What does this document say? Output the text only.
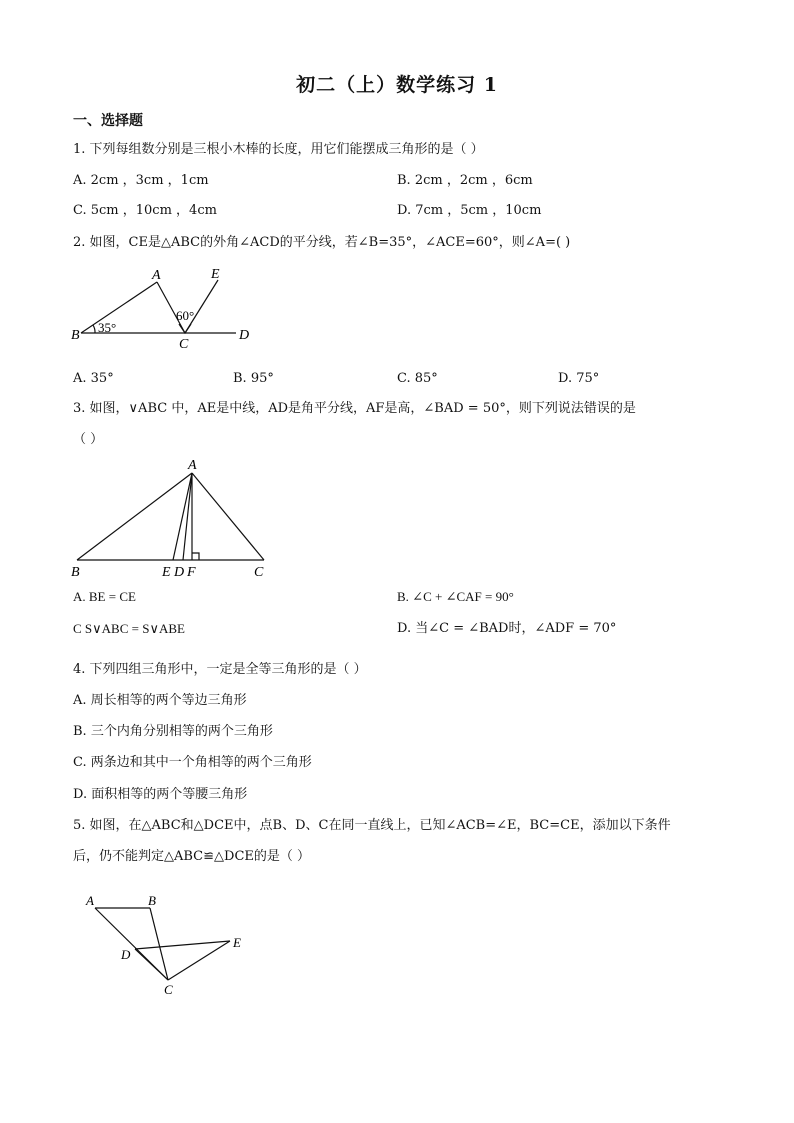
初二（上）数学练习 1
一、选择题
1. 下列每组数分别是三根小木棒的长度，用它们能摆成三角形的是（ ）
A. 2cm ，3cm ，1cm	B. 2cm ，2cm ，6cm
C. 5cm ，10cm ，4cm	D. 7cm ，5cm ，10cm
2. 如图，CE是△ABC的外角∠ACD的平分线，若∠B=35°，∠ACE=60°，则∠A=( )
A	E
B
C
D
35°
60°
A. 35°	B. 95°	C. 85°	D. 75°
3. 如图，∨ABC 中，AE是中线，AD是角平分线，AF是高，∠BAD = 50°，则下列说法错误的是
（ ）
A
B	E D F	C
A. BE = CE	B. ∠C + ∠CAF = 90°
C S∨ABC = S∨ABE	D. 当∠C = ∠BAD时，∠ADF = 70°
4. 下列四组三角形中，一定是全等三角形的是（ ）
A. 周长相等的两个等边三角形
B. 三个内角分别相等的两个三角形
C. 两条边和其中一个角相等的两个三角形
D. 面积相等的两个等腰三角形
5. 如图，在△ABC和△DCE中，点B、D、C在同一直线上，已知∠ACB=∠E，BC=CE，添加以下条件
后，仍不能判定△ABC≌△DCE的是（ ）
A	B
D
E
C
